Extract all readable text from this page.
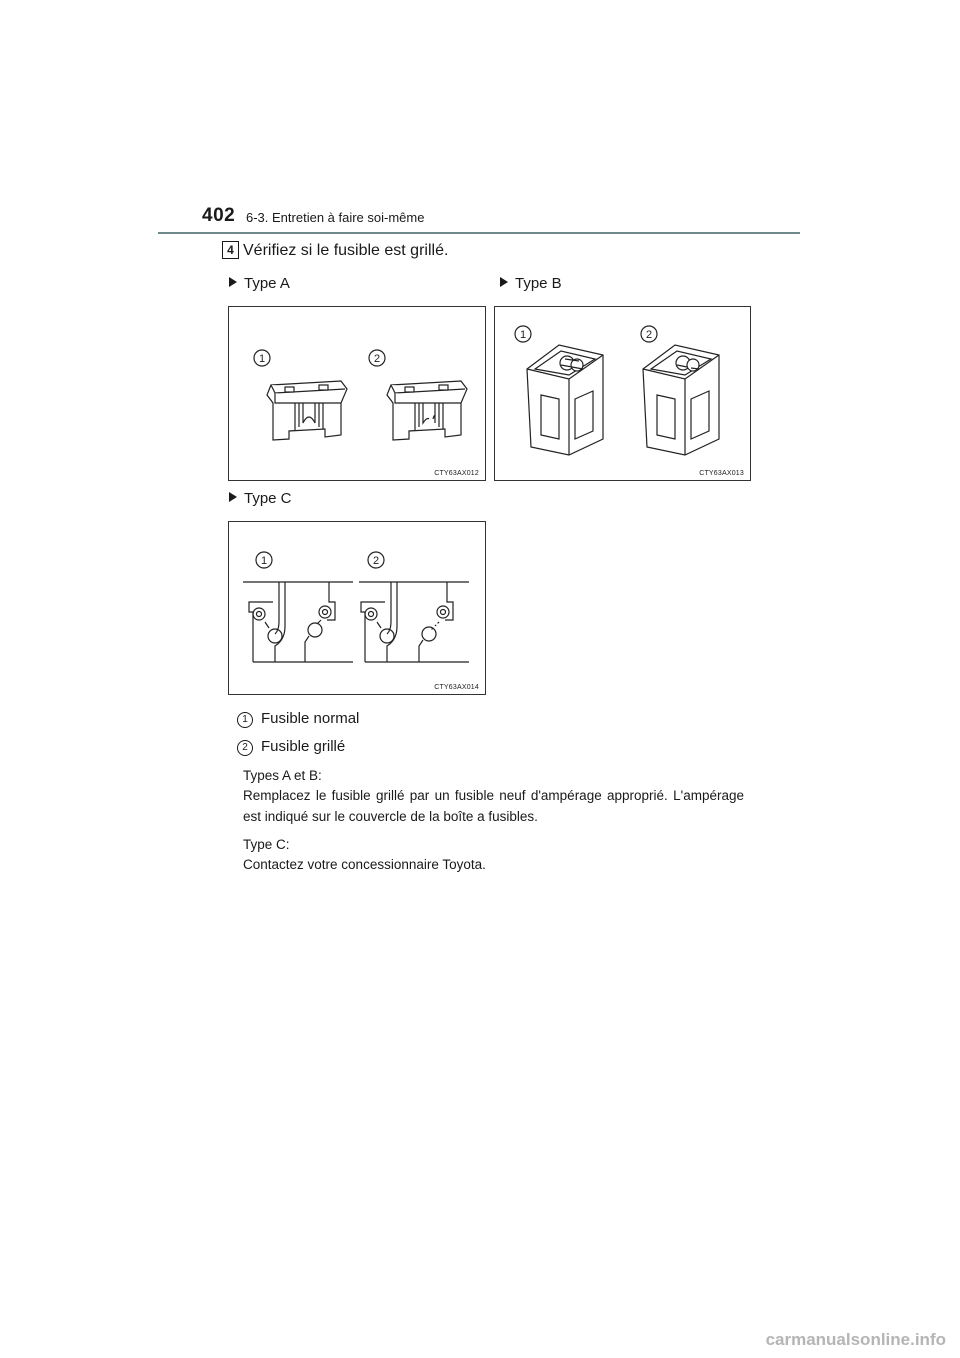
402 6-3. Entretien à faire soi-même
4 Vérifiez si le fusible est grillé.
Type A	Type B
1	2
CTY63AX012
1	2
CTY63AX013
Type C
1	2
CTY63AX014
1 Fusible normal
2 Fusible grillé
Types A et B:
Remplacez le fusible grillé par un fusible neuf d'ampérage approprié. L'ampérage est indiqué sur le couvercle de la boîte a fusibles.
Type C:
Contactez votre concessionnaire Toyota.
carmanualsonline.info
